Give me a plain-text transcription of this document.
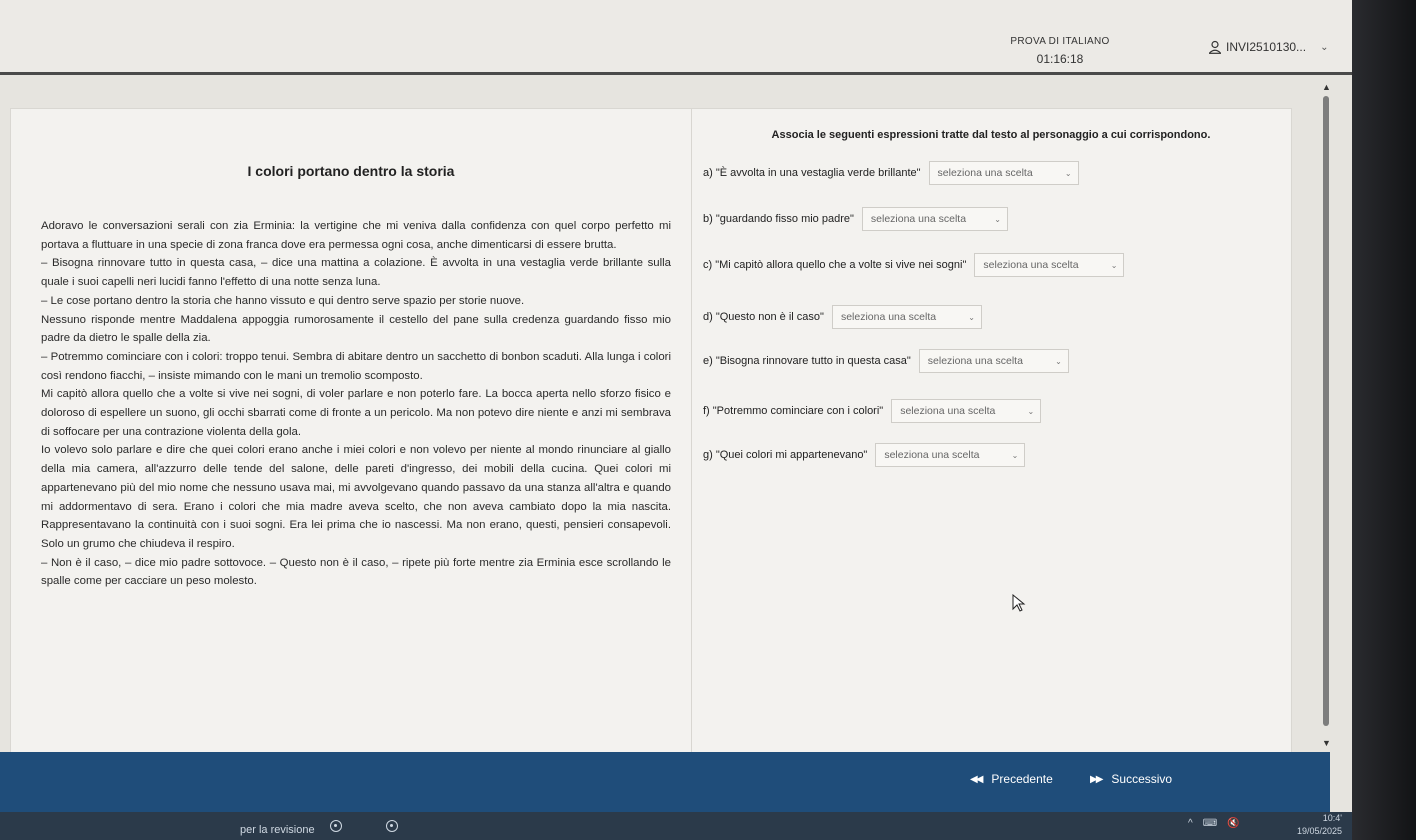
PROVA DI ITALIANO
01:16:18
INVI2510130... ⌄
▲
▼
I colori portano dentro la storia

Adoravo le conversazioni serali con zia Erminia: la vertigine che mi veniva dalla confidenza con quel corpo perfetto mi portava a fluttuare in una specie di zona franca dove era permessa ogni cosa, anche dimenticarsi di essere brutta.

– Bisogna rinnovare tutto in questa casa, – dice una mattina a colazione. È avvolta in una vestaglia verde brillante sulla quale i suoi capelli neri lucidi fanno l'effetto di una notte senza luna.

– Le cose portano dentro la storia che hanno vissuto e qui dentro serve spazio per storie nuove.

Nessuno risponde mentre Maddalena appoggia rumorosamente il cestello del pane sulla credenza guardando fisso mio padre da dietro le spalle della zia.

– Potremmo cominciare con i colori: troppo tenui. Sembra di abitare dentro un sacchetto di bonbon scaduti. Alla lunga i colori così rendono fiacchi, – insiste mimando con le mani un tremolio scomposto.

Mi capitò allora quello che a volte si vive nei sogni, di voler parlare e non poterlo fare. La bocca aperta nello sforzo fisico e doloroso di espellere un suono, gli occhi sbarrati come di fronte a un pericolo. Ma non potevo dire niente e anzi mi sembrava di soffocare per una contrazione violenta della gola.

Io volevo solo parlare e dire che quei colori erano anche i miei colori e non volevo per niente al mondo rinunciare al giallo della mia camera, all'azzurro delle tende del salone, delle pareti d'ingresso, dei mobili della cucina. Quei colori mi appartenevano più del mio nome che nessuno usava mai, mi avvolgevano quando passavo da una stanza all'altra e quando mi addormentavo di sera. Erano i colori che mia madre aveva scelto, che non aveva cambiato dopo la mia nascita. Rappresentavano la continuità con i suoi sogni. Era lei prima che io nascessi. Ma non erano, questi, pensieri consapevoli. Solo un grumo che chiudeva il respiro.

– Non è il caso, – dice mio padre sottovoce. – Questo non è il caso, – ripete più forte mentre zia Erminia esce scrollando le spalle come per cacciare un peso molesto.

Associa le seguenti espressioni tratte dal testo al personaggio a cui corrispondono.
a) "È avvolta in una vestaglia verde brillante" seleziona una scelta	⌄
b) "guardando fisso mio padre" seleziona una scelta	⌄
c) "Mi capitò allora quello che a volte si vive nei sogni" seleziona una scelta	⌄
d) "Questo non è il caso" seleziona una scelta	⌄
e) "Bisogna rinnovare tutto in questa casa" seleziona una scelta	⌄
f) "Potremmo cominciare con i colori" seleziona una scelta	⌄
g) "Quei colori mi appartenevano" seleziona una scelta	⌄
◀◀ Precedente	▶▶ Successivo
per la revisione
^ ⌨ 🔇	10:4'
19/05/2025
